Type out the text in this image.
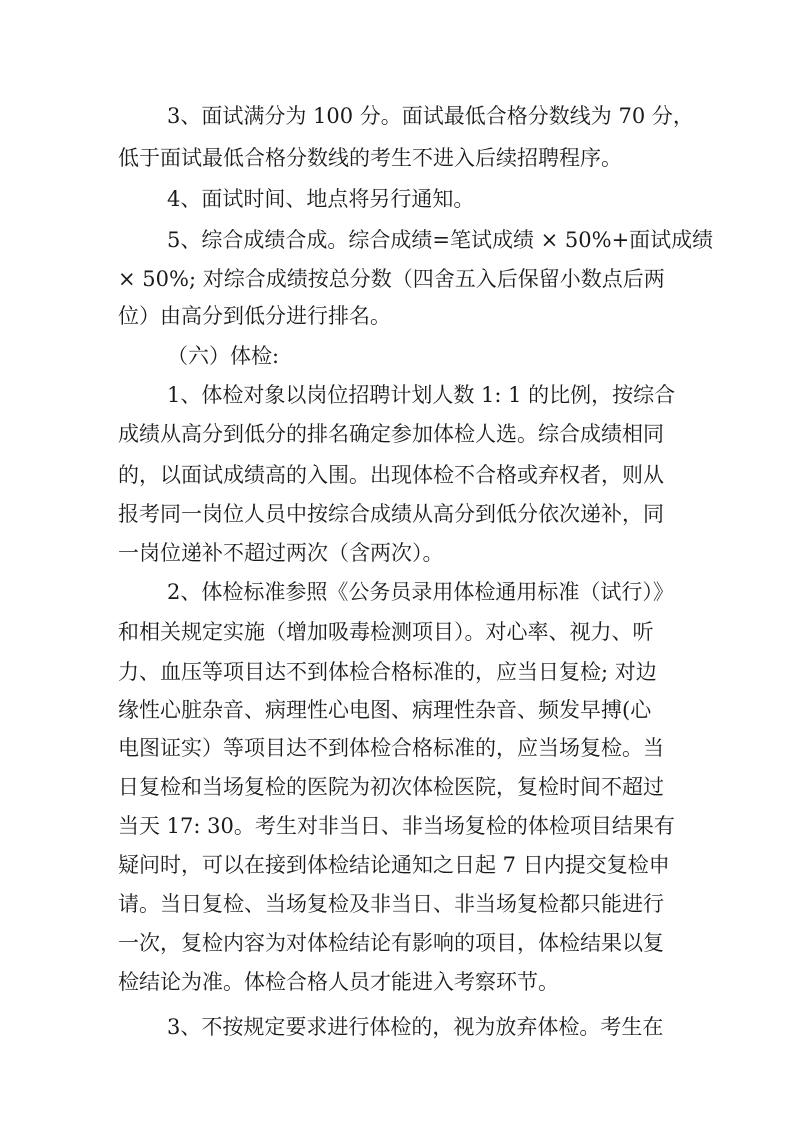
3、面试满分为 100 分。面试最低合格分数线为 70 分，
低于面试最低合格分数线的考生不进入后续招聘程序。
4、面试时间、地点将另行通知。
5、综合成绩合成。综合成绩=笔试成绩 × 50%+面试成绩
× 50%; 对综合成绩按总分数（四舍五入后保留小数点后两
位）由高分到低分进行排名。
（六）体检:
1、体检对象以岗位招聘计划人数 1: 1 的比例，按综合
成绩从高分到低分的排名确定参加体检人选。综合成绩相同
的，以面试成绩高的入围。出现体检不合格或弃权者，则从
报考同一岗位人员中按综合成绩从高分到低分依次递补，同
一岗位递补不超过两次（含两次）。
2、体检标准参照《公务员录用体检通用标准（试行）》
和相关规定实施（增加吸毒检测项目）。对心率、视力、听
力、血压等项目达不到体检合格标准的，应当日复检; 对边
缘性心脏杂音、病理性心电图、病理性杂音、频发早搏(心
电图证实）等项目达不到体检合格标准的，应当场复检。当
日复检和当场复检的医院为初次体检医院，复检时间不超过
当天 17: 30。考生对非当日、非当场复检的体检项目结果有
疑问时，可以在接到体检结论通知之日起 7 日内提交复检申
请。当日复检、当场复检及非当日、非当场复检都只能进行
一次，复检内容为对体检结论有影响的项目，体检结果以复
检结论为准。体检合格人员才能进入考察环节。
3、不按规定要求进行体检的，视为放弃体检。考生在
